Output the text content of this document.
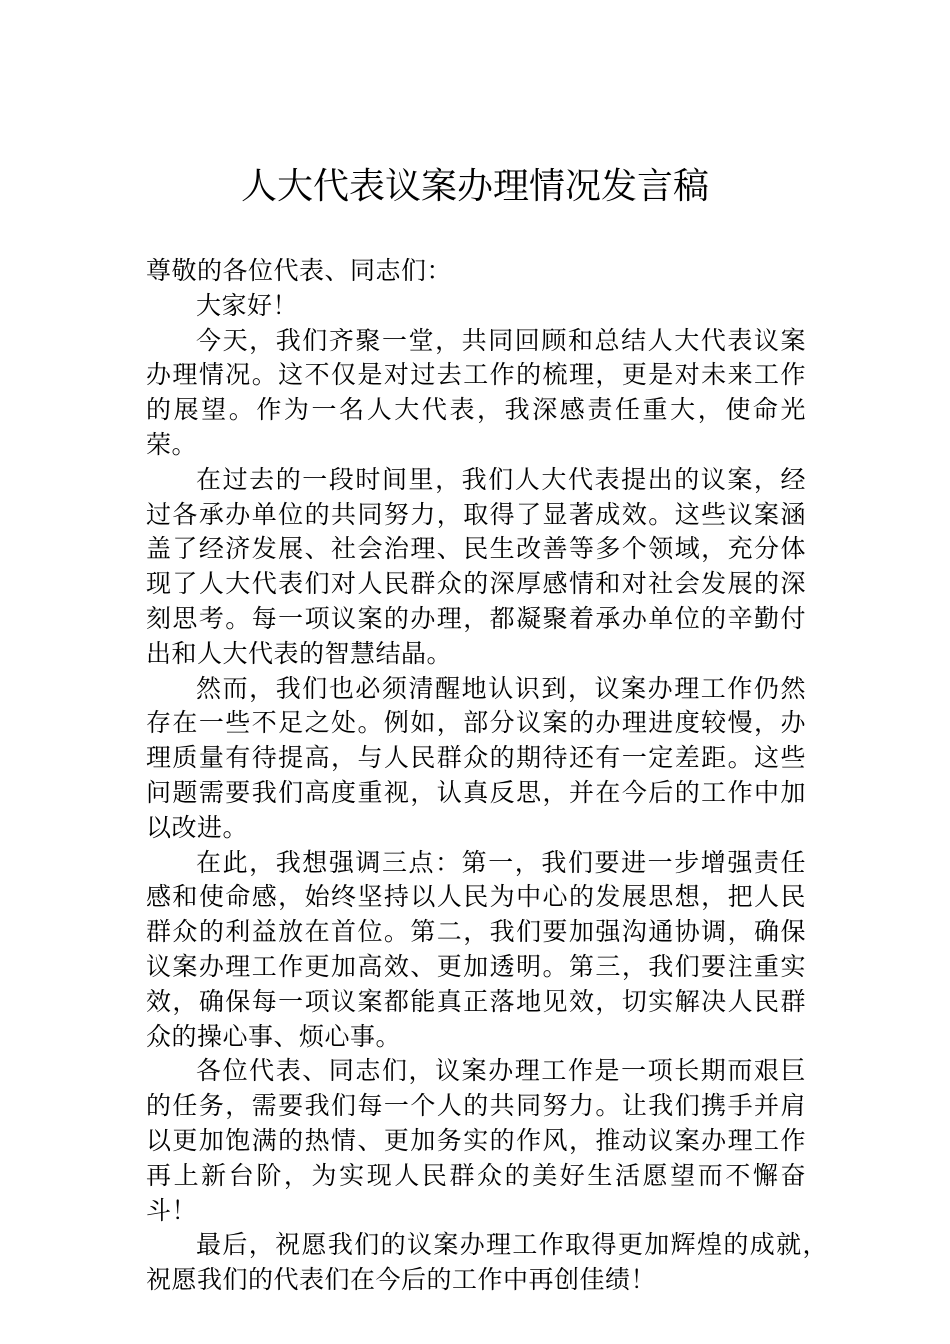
人大代表议案办理情况发言稿

尊敬的各位代表、同志们：

大家好！

今天，我们齐聚一堂，共同回顾和总结人大代表议案办理情况。这不仅是对过去工作的梳理，更是对未来工作的展望。作为一名人大代表，我深感责任重大，使命光荣。

在过去的一段时间里，我们人大代表提出的议案，经过各承办单位的共同努力，取得了显著成效。这些议案涵盖了经济发展、社会治理、民生改善等多个领域，充分体现了人大代表们对人民群众的深厚感情和对社会发展的深刻思考。每一项议案的办理，都凝聚着承办单位的辛勤付出和人大代表的智慧结晶。

然而，我们也必须清醒地认识到，议案办理工作仍然存在一些不足之处。例如，部分议案的办理进度较慢，办理质量有待提高，与人民群众的期待还有一定差距。这些问题需要我们高度重视，认真反思，并在今后的工作中加以改进。

在此，我想强调三点：第一，我们要进一步增强责任感和使命感，始终坚持以人民为中心的发展思想，把人民群众的利益放在首位。第二，我们要加强沟通协调，确保议案办理工作更加高效、更加透明。第三，我们要注重实效，确保每一项议案都能真正落地见效，切实解决人民群众的操心事、烦心事。

各位代表、同志们，议案办理工作是一项长期而艰巨的任务，需要我们每一个人的共同努力。让我们携手并肩以更加饱满的热情、更加务实的作风，推动议案办理工作再上新台阶，为实现人民群众的美好生活愿望而不懈奋斗！

最后，祝愿我们的议案办理工作取得更加辉煌的成就，祝愿我们的代表们在今后的工作中再创佳绩！
